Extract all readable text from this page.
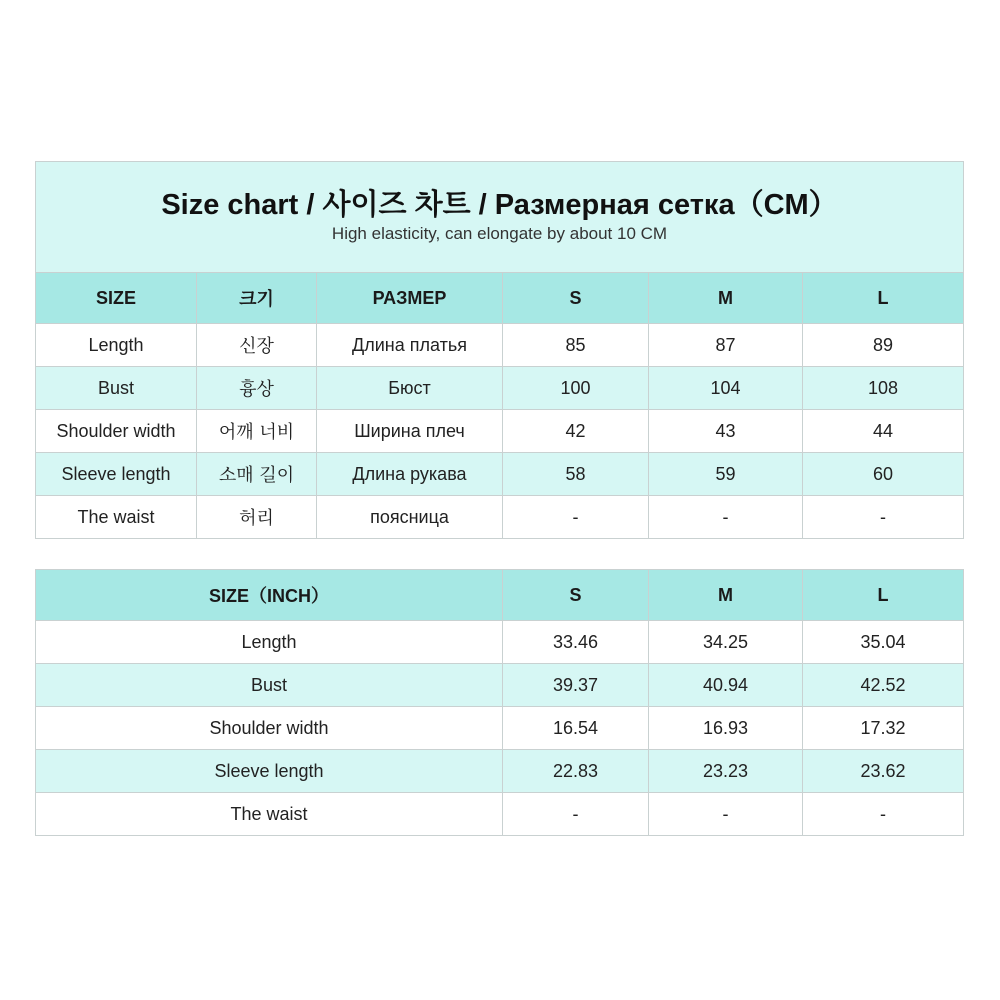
Size chart / 사이즈 차트 / Размерная сетка（CM）
High elasticity, can elongate by about 10 CM					

SIZE	크기	РАЗМЕР	S	M	L
Length	신장	Длина платья	85	87	89
Bust	흉상	Бюст	100	104	108
Shoulder width	어깨 너비	Ширина плеч	42	43	44
Sleeve length	소매 길이	Длина рукава	58	59	60
The waist	허리	поясница	-	-	-
SIZE（INCH）	S	M	L
Length	33.46	34.25	35.04
Bust	39.37	40.94	42.52
Shoulder width	16.54	16.93	17.32
Sleeve length	22.83	23.23	23.62
The waist	-	-	-
